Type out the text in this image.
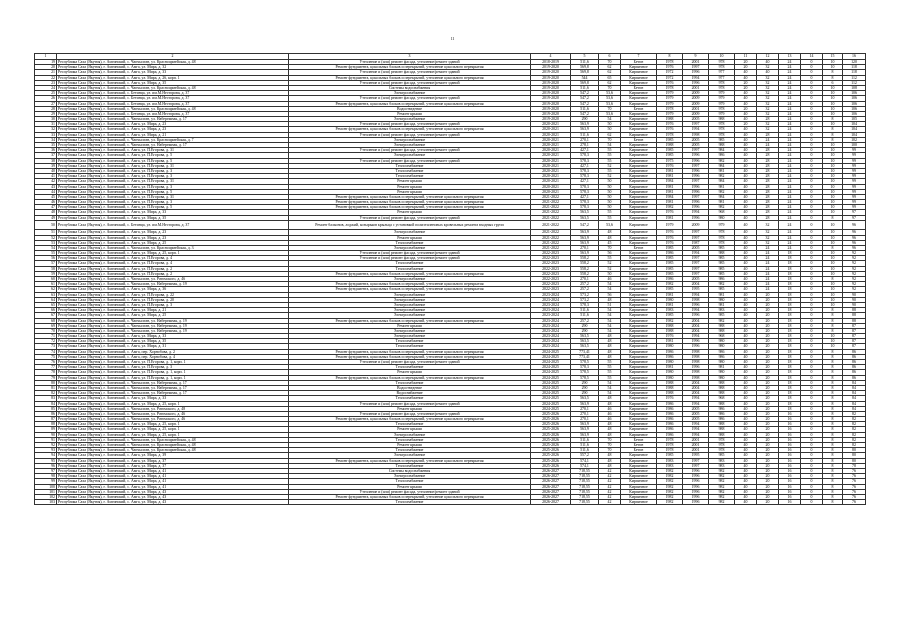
11
1	2	3	4	5	6	7	8	9	10	11	12	13	14	15	16
19	Республика Саха (Якутия), г. Амгинский, с. Чапчылган, ул. Красноармейская, д. 48	Утепление и (или) ремонт фасада, утепление/ремонт зданий	2018-2019	511,6	70	Бетон	1978	2001	978	20	40	24	0	10	120
20	Республика Саха (Якутия), г. Амгинский, с. Амга, ул. Мира, д. 32	Ремонт фундамента, цокольных блоков и перекрытий, утепление цокольного перекрытия	2019-2020	569,8	62	Кирпичное	1976	1997	978	20	32	24	0	10	118
21	Республика Саха (Якутия), г. Амгинский, с. Амга, ул. Мира, д. 33	Утепление и (или) ремонт фасада, утепление/ремонт зданий	2019-2020	569,8	62	Кирпичное	1972	1996	977	40	40	24	0	8	118
22	Республика Саха (Якутия), г. Амгинский, с. Амга, ул. Мира, д. 26, корп. 1	Ремонт фундамента, цокольных блоков и перекрытий, утепление цокольного перекрытия	2019-2020	544	65	Кирпичное	1972	1994	977	40	32	24	0	8	112
23	Республика Саха (Якутия), г. Амгинский, с. Амга, ул. Мира, д. 35	Утепление и (или) ремонт фасада, утепление/ремонт зданий	2019-2020	569,8	62	Кирпичное	1976	1996	978	20	32	24	0	6	112
24	Республика Саха (Якутия), г. Амгинский, с. Чапчылган, ул. Красноармейская, д. 48	Системы водоснабжения	2019-2020	511,6	70	Бетон	1978	2001	978	20	32	24	0	10	108
25	Республика Саха (Якутия), г. Амгинский, с. Бетинца, ул. им.М.Несторова, д. 37	Электроснабжение	2019-2020	547,2	53,6	Кирпичное	1979	2009	979	40	32	24	0	10	106
26	Республика Саха (Якутия), г. Амгинский, с. Бетинца, ул. им.М.Несторова, д. 37	Утепление и (или) ремонт фасада, утепление/ремонт зданий	2019-2020	547,2	53,6	Кирпичное	1979	2009	979	40	32	24	0	10	106
27	Республика Саха (Якутия), г. Амгинский, с. Бетинца, ул. им.М.Несторова, д. 37	Ремонт фундамента, цокольных блоков и перекрытий, утепление цокольного перекрытия	2019-2020	547,2	53,6	Кирпичное	1979	2009	979	40	32	24	0	10	106
28	Республика Саха (Якутия), г. Амгинский, с. Чапчылган, ул. Красноармейская, д. 48	Водоотведение	2019-2020	511,6	70	Бетон	1978	2001	978	20	32	24	0	10	106
29	Республика Саха (Якутия), г. Амгинский, с. Бетинца, ул. им.М.Несторова, д. 37	Ремонт крыши	2019-2020	547,2	53,6	Кирпичное	1979	2009	979	40	32	24	0	10	106
30	Республика Саха (Якутия), г. Амгинский, с. Чапчылган, ул. Набережная, д. 17	Электроснабжение	2019-2020	290	54	Кирпичное	1988	2005	988	40	28	24	0	8	105
31	Республика Саха (Якутия), г. Амгинский, с. Амга, ул. Мира, д. 23	Утепление и (или) ремонт фасада, утепление/ремонт зданий	2020-2021	563,9	50	Кирпичное	1976	1997	978	20	32	24	0	10	104
32	Республика Саха (Якутия), г. Амгинский, с. Амга, ул. Мира, д. 23	Ремонт фундамента, цокольных блоков и перекрытий, утепление цокольного перекрытия	2020-2021	563,9	50	Кирпичное	1976	1994	978	40	32	24	0	8	104
33	Республика Саха (Якутия), г. Амгинский, с. Амга, ул. Мира, д. 21	Утепление и (или) ремонт фасада, утепление/ремонт зданий	2020-2021	511,6	62	Кирпичное	1978	1998	978	40	28	24	0	8	104
34	Республика Саха (Якутия), г. Амгинский, с. Чапчылган, ул. Красноармейская, д. 7	Электроснабжение	2020-2021	270,1	70	Бетон	1985	2005	985	40	24	24	0	8	102
35	Республика Саха (Якутия), г. Амгинский, с. Чапчылган, ул. Набережная, д. 17	Электроснабжение	2020-2021	278,1	54	Кирпичное	1988	2005	988	40	24	24	0	10	100
36	Республика Саха (Якутия), г. Амгинский, с. Амга, ул. П.Егорова, д. 31	Утепление и (или) ремонт фасада, утепление/ремонт зданий	2020-2021	427,1	55	Кирпичное	1985	1997	984	40	28	24	0	10	99
37	Республика Саха (Якутия), г. Амгинский, с. Амга, ул. П.Егорова, д. 5	Электроснабжение	2020-2021	578,3	55	Кирпичное	1985	1996	986	40	28	24	0	10	99
38	Республика Саха (Якутия), г. Амгинский, с. Амга, ул. П.Егорова, д. 5	Утепление и (или) ремонт фасада, утепление/ремонт зданий	2020-2021	578,3	55	Кирпичное	1975	1996	982	40	28	24	0	10	99
39	Республика Саха (Якутия), г. Амгинский, с. Амга, ул. П.Егорова, д. 31	Теплоснабжение	2020-2021	427,1	52	Кирпичное	1976	1997	984	40	28	24	0	10	99
40	Республика Саха (Якутия), г. Амгинский, с. Амга, ул. П.Егорова, д. 3	Теплоснабжение	2020-2021	578,3	55	Кирпичное	1981	1996	981	40	28	24	0	10	99
41	Республика Саха (Якутия), г. Амгинский, с. Амга, ул. П.Егорова, д. 3	Теплоснабжение	2020-2021	578,3	52	Кирпичное	1981	1996	982	40	28	24	0	10	99
42	Республика Саха (Якутия), г. Амгинский, с. Амга, ул. П.Егорова, д. 31	Ремонт крыши	2020-2021	427,1	50	Кирпичное	1984	1997	984	40	28	24	0	10	99
43	Республика Саха (Якутия), г. Амгинский, с. Амга, ул. П.Егорова, д. 3	Ремонт крыши	2020-2021	578,3	50	Кирпичное	1981	1996	981	40	28	24	0	10	99
44	Республика Саха (Якутия), г. Амгинский, с. Амга, ул. П.Егорова, д. 5	Ремонт крыши	2020-2021	578,3	50	Кирпичное	1981	1996	982	40	28	24	0	10	99
45	Республика Саха (Якутия), г. Амгинский, с. Амга, ул. П.Егорова, д. 31	Ремонт фундамента, цокольных блоков и перекрытий, утепление цокольного перекрытия	2021-2022	427,1	50	Кирпичное	1984	1997	984	40	28	24	0	10	99
46	Республика Саха (Якутия), г. Амгинский, с. Амга, ул. П.Егорова, д. 3	Ремонт фундамента, цокольных блоков и перекрытий, утепление цокольного перекрытия	2021-2022	578,3	50	Кирпичное	1981	1996	981	40	28	24	0	10	99
47	Республика Саха (Якутия), г. Амгинский, с. Амга, ул. П.Егорова, д. 5	Ремонт фундамента, цокольных блоков и перекрытий, утепление цокольного перекрытия	2021-2022	578,3	50	Кирпичное	1982	1996	982	40	28	24	0	10	99
48	Республика Саха (Якутия), г. Амгинский, с. Амга, ул. Мира, д. 33	Ремонт крыши	2021-2022	563,5	55	Кирпичное	1976	1994	968	40	28	24	0	10	97
49	Республика Саха (Якутия), г. Амгинский, с. Амга, ул. Мира, д. 35	Утепление и (или) ремонт фасада, утепление/ремонт зданий	2021-2022	563,5	55	Кирпичное	1981	1996	980	40	28	24	0	8	97
50	Республика Саха (Якутия), г. Амгинский, с. Бетинца, ул. им.М.Несторова, д. 37	Ремонт балконов, лоджий, козырьков крыльца с установкой полиэтиленовых кровельных ремонта входных групп	2021-2022	547,2	53,6	Кирпичное	1979	2009	979	40	32	24	0	10	96
51	Республика Саха (Якутия), г. Амгинский, с. Амга, ул. Мира, д. 23	Электроснабжение	2021-2022	563,9	48	Кирпичное	1976	1997	978	40	32	24	0	10	96
52	Республика Саха (Якутия), г. Амгинский, с. Амга, ул. Мира, д. 23	Ремонт крыши	2021-2022	563,9	48	Кирпичное	1976	1997	978	40	32	24	0	10	96
53	Республика Саха (Якутия), г. Амгинский, с. Амга, ул. Мира, д. 25	Теплоснабжение	2021-2022	563,9	45	Кирпичное	1976	1987	978	40	32	24	0	10	96
54	Республика Саха (Якутия), г. Амгинский, с. Чапчылган, ул. Красноармейская, д. 3	Электроснабжение	2021-2022	270,1	70	Бетон	1985	2005	985	40	24	24	0	8	96
55	Республика Саха (Якутия), г. Амгинский, с. Амга, ул. Мира, д. 25, корп. 1	Утепление и (или) ремонт фасада, утепление/ремонт зданий	2022-2023	563,9	56	Кирпичное	1986	1994	988	40	24	18	0	10	92
56	Республика Саха (Якутия), г. Амгинский, с. Амга, ул. П.Егорова, д. 4	Утепление и (или) ремонт фасада, утепление/ремонт зданий	2022-2023	558,2	55	Кирпичное	1985	1997	985	40	24	18	0	10	92
57	Республика Саха (Якутия), г. Амгинский, с. Амга, ул. П.Егорова, д. 4	Теплоснабжение	2022-2023	558,2	52	Кирпичное	1985	1997	985	40	24	18	0	10	92
58	Республика Саха (Якутия), г. Амгинский, с. Амга, ул. П.Егорова, д. 2	Теплоснабжение	2022-2023	558,2	52	Кирпичное	1985	1997	985	40	24	18	0	10	92
59	Республика Саха (Якутия), г. Амгинский, с. Амга, ул. П.Егорова, д. 2	Ремонт фундамента, цокольных блоков и перекрытий, утепление цокольного перекрытия	2022-2023	558,2	50	Кирпичное	1985	1997	985	40	24	18	0	10	92
60	Республика Саха (Якутия), г. Амгинский, с. Чапчылган, ул. Ратомского, д. 46	Электроснабжение	2022-2023	270,1	46	Кирпичное	1986	2005	986	40	24	18	0	8	92
61	Республика Саха (Якутия), г. Амгинский, с. Чапчылган, ул. Набережная, д. 19	Ремонт фундамента, цокольных блоков и перекрытий, утепление цокольного перекрытия	2022-2023	257,2	54	Кирпичное	1982	2004	982	40	24	18	0	10	92
62	Республика Саха (Якутия), г. Амгинский, с. Амга, ул. Мира, д. 36	Ремонт фундамента, цокольных блоков и перекрытий, утепление цокольного перекрытия	2022-2023	257,2	54	Кирпичное	1985	1995	985	40	24	18	0	10	92
63	Республика Саха (Якутия), г. Амгинский, с. Амга, ул. П.Егорова, д. 22	Электроснабжение	2023-2024	573,2	56	Кирпичное	1981	1994	981	40	20	18	0	10	90
64	Республика Саха (Якутия), г. Амгинский, с. Амга, ул. П.Егорова, д. 20	Электроснабжение	2023-2024	573,2	48	Кирпичное	1980	1998	980	40	20	18	0	10	90
65	Республика Саха (Якутия), г. Амгинский, с. Амга, ул. П.Егорова, д. 3	Электроснабжение	2023-2024	578,3	51	Кирпичное	1981	1996	981	40	20	18	0	10	90
66	Республика Саха (Якутия), г. Амгинский, с. Амга, ул. Мира, д. 21	Электроснабжение	2023-2024	511,6	54	Кирпичное	1983	1994	983	40	20	18	0	8	88
67	Республика Саха (Якутия), г. Амгинский, с. Амга, ул. Мира, д. 25	Электроснабжение	2023-2024	511,6	54	Кирпичное	1985	1996	985	40	20	18	0	8	88
68	Республика Саха (Якутия), г. Амгинский, с. Чапчылган, ул. Набережная, д. 19	Ремонт фундамента, цокольных блоков и перекрытий, утепление цокольного перекрытия	2023-2024	257,2	54	Кирпичное	1982	2004	982	40	20	18	0	8	88
69	Республика Саха (Якутия), г. Амгинский, с. Чапчылган, ул. Набережная, д. 19	Ремонт крыши	2023-2024	290	54	Кирпичное	1988	2004	988	40	20	18	0	8	87
70	Республика Саха (Якутия), г. Амгинский, с. Чапчылган, ул. Набережная, д. 19	Электроснабжение	2023-2024	290	54	Кирпичное	1988	2004	988	40	20	18	0	8	87
71	Республика Саха (Якутия), г. Амгинский, с. Амга, ул. Мира, д. 33	Электроснабжение	2023-2024	563,5	48	Кирпичное	1976	1994	968	40	20	18	0	10	87
72	Республика Саха (Якутия), г. Амгинский, с. Амга, ул. Мира, д. 35	Теплоснабжение	2023-2024	563,5	48	Кирпичное	1981	1996	980	40	20	18	0	10	87
73	Республика Саха (Якутия), г. Амгинский, с. Амга, ул. Мира, д. 31	Теплоснабжение	2023-2024	563,5	48	Кирпичное	1980	1996	980	40	20	18	0	10	87
74	Республика Саха (Якутия), г. Амгинский, с. Амга, пер. Хорнобова, д. 2	Ремонт фундамента, цокольных блоков и перекрытий, утепление цокольного перекрытия	2024-2025	773,41	48	Кирпичное	1986	1998	986	40	20	18	0	8	86
75	Республика Саха (Якутия), г. Амгинский, с. Амга, пер. Хорнобова, д. 4	Ремонт фундамента, цокольных блоков и перекрытий, утепление цокольного перекрытия	2024-2025	773,41	48	Кирпичное	1986	1998	986	40	20	18	0	8	86
76	Республика Саха (Якутия), г. Амгинский, с. Амга, ул. П.Егорова, д. 1, корп. 1	Утепление и (или) ремонт фасада, утепление/ремонт зданий	2024-2025	578,5	55	Кирпичное	1980	1998	980	40	20	18	0	8	86
77	Республика Саха (Якутия), г. Амгинский, с. Амга, ул. П.Егорова, д. 3	Теплоснабжение	2024-2025	578,3	55	Кирпичное	1981	1996	981	40	20	18	0	8	86
78	Республика Саха (Якутия), г. Амгинский, с. Амга, ул. П.Егорова, д. 1, корп. 1	Ремонт крыши	2024-2025	578,5	55	Кирпичное	1980	1998	980	40	20	18	0	8	86
79	Республика Саха (Якутия), г. Амгинский, с. Амга, ул. П.Егорова, д. 1, корп. 1	Ремонт фундамента, цокольных блоков и перекрытий, утепление цокольного перекрытия	2024-2025	578,5	55	Кирпичное	1980	1998	980	40	20	18	0	8	86
80	Республика Саха (Якутия), г. Амгинский, с. Чапчылган, ул. Набережная, д. 17	Теплоснабжение	2024-2025	290	54	Кирпичное	1988	2004	988	40	20	18	0	8	84
81	Республика Саха (Якутия), г. Амгинский, с. Чапчылган, ул. Набережная, д. 17	Водоотведение	2024-2025	290	54	Кирпичное	1988	2004	988	40	20	18	0	8	84
82	Республика Саха (Якутия), г. Амгинский, с. Чапчылган, ул. Набережная, д. 17	Водоснабжение	2024-2025	290	54	Кирпичное	1988	2004	988	40	20	18	0	8	84
83	Республика Саха (Якутия), г. Амгинский, с. Амга, ул. Мира, д. 33	Теплоснабжение	2024-2025	563,5	48	Кирпичное	1976	1994	968	40	20	18	0	8	84
84	Республика Саха (Якутия), г. Амгинский, с. Амга, ул. Мира, д. 25, корп. 1	Утепление и (или) ремонт фасада, утепление/ремонт зданий	2024-2025	563,9	48	Кирпичное	1986	1994	988	40	20	18	0	8	84
85	Республика Саха (Якутия), г. Амгинский, с. Чапчылган, ул. Ратомского, д. 48	Ремонт крыши	2024-2025	270,1	46	Кирпичное	1986	2005	986	40	20	18	0	8	84
86	Республика Саха (Якутия), г. Амгинский, с. Чапчылган, ул. Ратомского, д. 46	Утепление и (или) ремонт фасада, утепление/ремонт зданий	2025-2026	270,1	46	Кирпичное	1986	2005	986	40	20	16	0	8	82
87	Республика Саха (Якутия), г. Амгинский, с. Чапчылган, ул. Ратомского, д. 46	Ремонт фундамента, цокольных блоков и перекрытий, утепление цокольного перекрытия	2025-2026	270,1	46	Кирпичное	1986	2005	986	40	20	16	0	8	82
88	Республика Саха (Якутия), г. Амгинский, с. Амга, ул. Мира, д. 25, корп. 1	Теплоснабжение	2025-2026	563,9	48	Кирпичное	1986	1994	988	40	20	16	0	8	82
89	Республика Саха (Якутия), г. Амгинский, с. Амга, ул. Мира, д. 25, корп. 1	Ремонт крыши	2025-2026	563,9	48	Кирпичное	1986	1994	988	40	20	16	0	8	82
90	Республика Саха (Якутия), г. Амгинский, с. Амга, ул. Мира, д. 25, корп. 1	Электроснабжение	2025-2026	563,9	48	Кирпичное	1986	1994	988	40	20	16	0	8	82
91	Республика Саха (Якутия), г. Амгинский, с. Чапчылган, ул. Красноармейская, д. 48	Теплоснабжение	2025-2026	511,6	70	Бетон	1978	2001	978	40	20	16	0	8	82
92	Республика Саха (Якутия), г. Амгинский, с. Чапчылган, ул. Красноармейская, д. 48	Ремонт крыши	2025-2026	511,6	70	Бетон	1978	2001	978	40	20	16	0	8	82
93	Республика Саха (Якутия), г. Амгинский, с. Чапчылган, ул. Красноармейская, д. 48	Теплоснабжение	2025-2026	511,6	70	Бетон	1978	2001	978	40	20	16	0	8	80
94	Республика Саха (Якутия), г. Амгинский, с. Амга, ул. Мира, д. 39	Электроснабжение	2025-2026	557,2	48	Кирпичное	1985	1995	985	40	20	16	0	8	80
95	Республика Саха (Якутия), г. Амгинский, с. Амга, ул. Мира, д. 37	Ремонт фундамента, цокольных блоков и перекрытий, утепление цокольного перекрытия	2025-2026	574,1	48	Кирпичное	1983	1997	983	40	20	16	0	8	80
96	Республика Саха (Якутия), г. Амгинский, с. Амга, ул. Мира, д. 37	Теплоснабжение	2025-2026	574,1	48	Кирпичное	1983	1997	983	40	20	16	0	8	78
97	Республика Саха (Якутия), г. Амгинский, с. Амга, ул. Мира, д. 41	Системы водоснабжения	2026-2027	718,55	42	Кирпичное	1982	1996	982	40	20	16	0	8	76
98	Республика Саха (Якутия), г. Амгинский, с. Амга, ул. Мира, д. 41	Электроснабжение	2026-2027	718,55	42	Кирпичное	1982	1996	982	40	20	16	0	8	76
99	Республика Саха (Якутия), г. Амгинский, с. Амга, ул. Мира, д. 41	Теплоснабжение	2026-2027	718,55	42	Кирпичное	1982	1996	982	40	20	16	0	8	76
100	Республика Саха (Якутия), г. Амгинский, с. Амга, ул. Мира, д. 41	Ремонт крыши	2026-2027	718,55	42	Кирпичное	1982	1996	982	40	20	16	0	8	76
101	Республика Саха (Якутия), г. Амгинский, с. Амга, ул. Мира, д. 43	Утепление и (или) ремонт фасада, утепление/ремонт зданий	2026-2027	718,55	42	Кирпичное	1982	1996	982	40	20	16	0	8	76
102	Республика Саха (Якутия), г. Амгинский, с. Амга, ул. Мира, д. 43	Ремонт фундамента, цокольных блоков и перекрытий, утепление цокольного перекрытия	2026-2027	718,55	42	Кирпичное	1982	1996	982	40	20	16	0	8	76
103	Республика Саха (Якутия), г. Амгинский, с. Амга, ул. Мира, д. 43	Теплоснабжение	2026-2027	718,55	42	Кирпичное	1982	1996	982	40	20	16	0	8	76
